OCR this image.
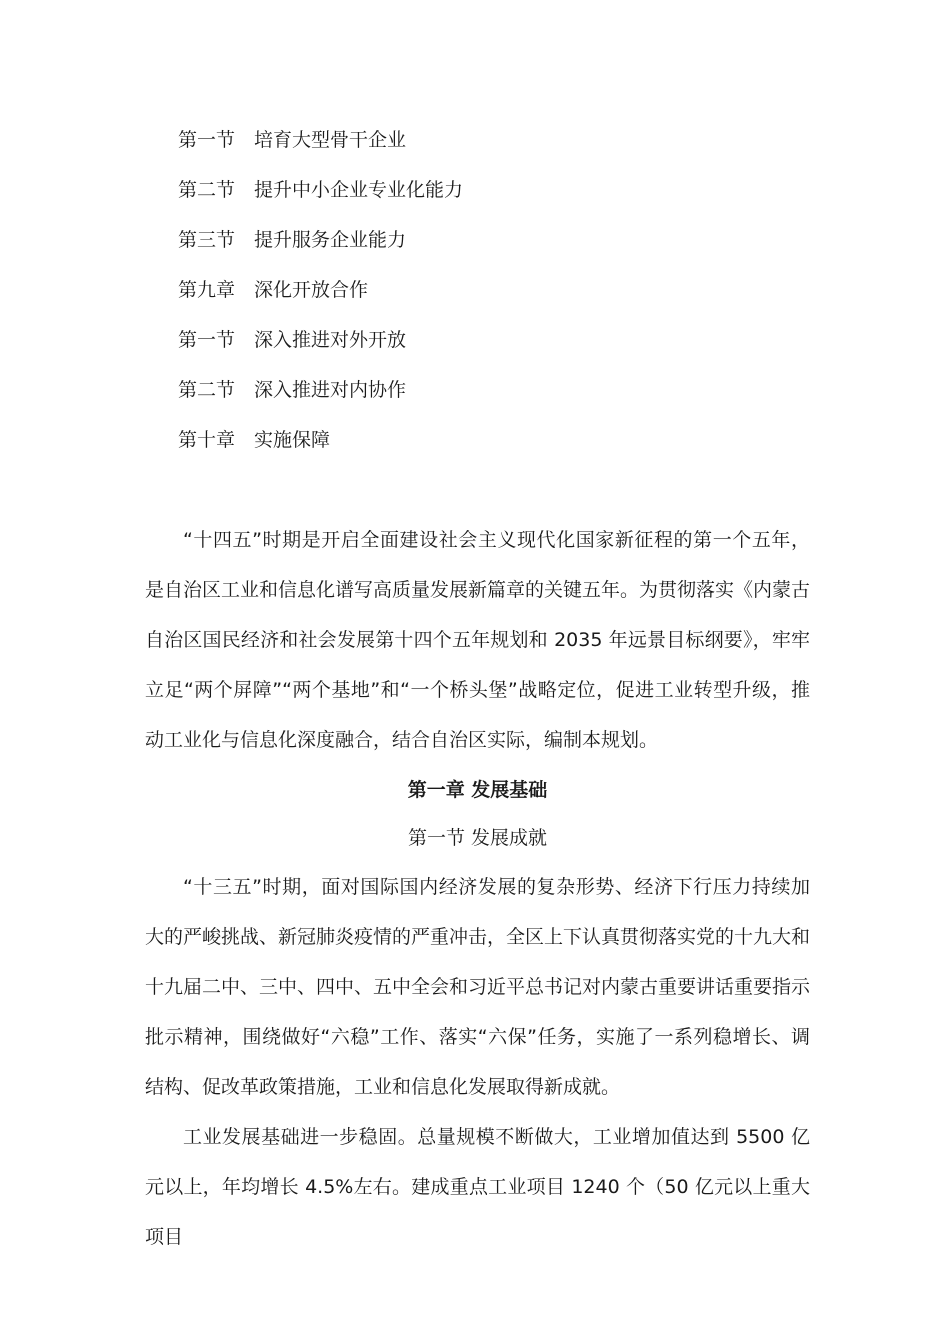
第一节 培育大型骨干企业
第二节 提升中小企业专业化能力
第三节 提升服务企业能力
第九章 深化开放合作
第一节 深入推进对外开放
第二节 深入推进对内协作
第十章 实施保障

“十四五”时期是开启全面建设社会主义现代化国家新征程的第一个五年，是自治区工业和信息化谱写高质量发展新篇章的关键五年。为贯彻落实《内蒙古自治区国民经济和社会发展第十四个五年规划和 2035 年远景目标纲要》，牢牢立足“两个屏障”“两个基地”和“一个桥头堡”战略定位，促进工业转型升级，推动工业化与信息化深度融合，结合自治区实际，编制本规划。

第一章 发展基础
第一节 发展成就

“十三五”时期，面对国际国内经济发展的复杂形势、经济下行压力持续加大的严峻挑战、新冠肺炎疫情的严重冲击，全区上下认真贯彻落实党的十九大和十九届二中、三中、四中、五中全会和习近平总书记对内蒙古重要讲话重要指示批示精神，围绕做好“六稳”工作、落实“六保”任务，实施了一系列稳增长、调结构、促改革政策措施，工业和信息化发展取得新成就。

工业发展基础进一步稳固。总量规模不断做大，工业增加值达到 5500 亿元以上，年均增长 4.5%左右。建成重点工业项目 1240 个（50 亿元以上重大项目
